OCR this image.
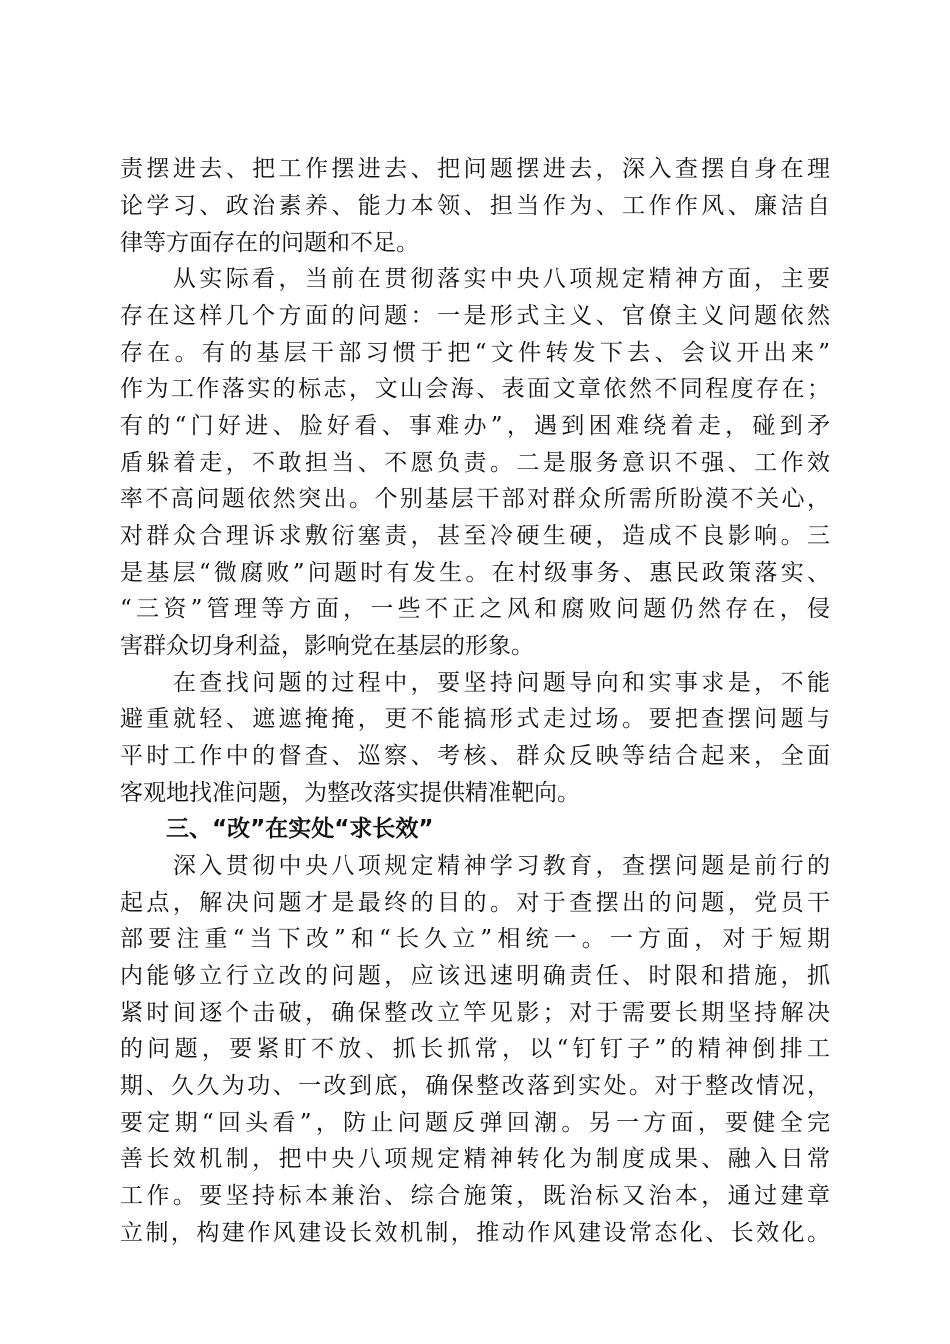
责摆进去、把工作摆进去、把问题摆进去，深入查摆自身在理
论学习、政治素养、能力本领、担当作为、工作作风、廉洁自
律等方面存在的问题和不足。
　　从实际看，当前在贯彻落实中央八项规定精神方面，主要
存在这样几个方面的问题：一是形式主义、官僚主义问题依然
存在。有的基层干部习惯于把“文件转发下去、会议开出来”
作为工作落实的标志，文山会海、表面文章依然不同程度存在；
有的“门好进、脸好看、事难办”，遇到困难绕着走，碰到矛
盾躲着走，不敢担当、不愿负责。二是服务意识不强、工作效
率不高问题依然突出。个别基层干部对群众所需所盼漠不关心，
对群众合理诉求敷衍塞责，甚至冷硬生硬，造成不良影响。三
是基层“微腐败”问题时有发生。在村级事务、惠民政策落实、
“三资”管理等方面，一些不正之风和腐败问题仍然存在，侵
害群众切身利益，影响党在基层的形象。
　　在查找问题的过程中，要坚持问题导向和实事求是，不能
避重就轻、遮遮掩掩，更不能搞形式走过场。要把查摆问题与
平时工作中的督查、巡察、考核、群众反映等结合起来，全面
客观地找准问题，为整改落实提供精准靶向。
　　三、“改”在实处“求长效”
　　深入贯彻中央八项规定精神学习教育，查摆问题是前行的
起点，解决问题才是最终的目的。对于查摆出的问题，党员干
部要注重“当下改”和“长久立”相统一。一方面，对于短期
内能够立行立改的问题，应该迅速明确责任、时限和措施，抓
紧时间逐个击破，确保整改立竿见影；对于需要长期坚持解决
的问题，要紧盯不放、抓长抓常，以“钉钉子”的精神倒排工
期、久久为功、一改到底，确保整改落到实处。对于整改情况，
要定期“回头看”，防止问题反弹回潮。另一方面，要健全完
善长效机制，把中央八项规定精神转化为制度成果、融入日常
工作。要坚持标本兼治、综合施策，既治标又治本，通过建章
立制，构建作风建设长效机制，推动作风建设常态化、长效化。
